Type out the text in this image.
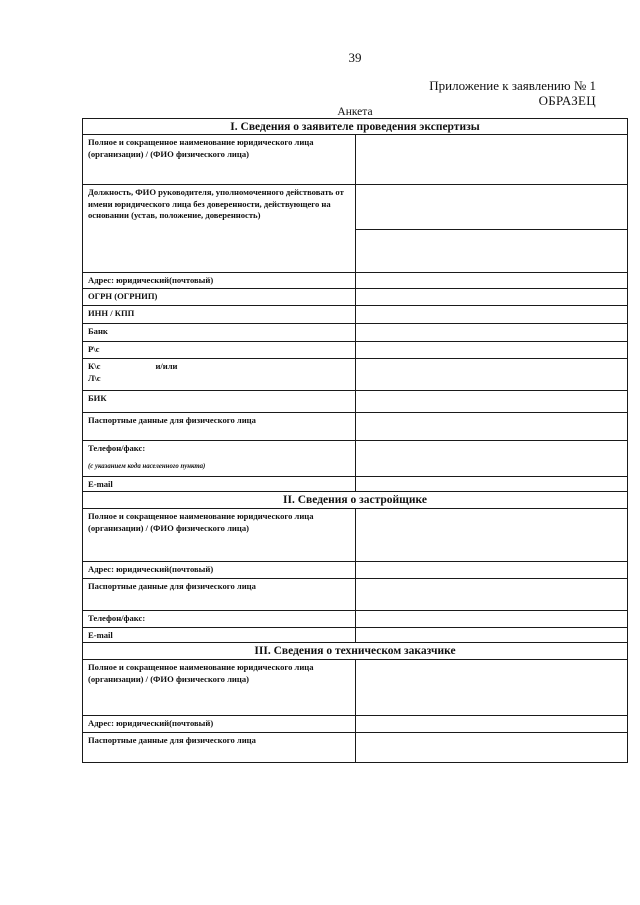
39
Приложение к заявлению № 1
ОБРАЗЕЦ
Анкета
I. Сведения о заявителе проведения экспертизы	
Полное и сокращенное наименование юридического лица (организации) / (ФИО физического лица)	
Должность, ФИО руководителя, уполномоченного действовать от имени юридического лица без доверенности, действующего на основании (устав, положение, доверенность)	

Адрес: юридический(почтовый)	
ОГРН (ОГРНИП)	
ИНН / КПП	
Банк	
Р\с	
К\с и/или
Л\с	
БИК	
Паспортные данные для физического лица	
Телефон/факс:
(с указанием кода населенного пункта)	

E-mail	
II. Сведения о застройщике	
Полное и сокращенное наименование юридического лица (организации) / (ФИО физического лица)	
Адрес: юридический(почтовый)	
Паспортные данные для физического лица	
Телефон/факс:	
E-mail	
III. Сведения о техническом заказчике	
Полное и сокращенное наименование юридического лица (организации) / (ФИО физического лица)	
Адрес: юридический(почтовый)	
Паспортные данные для физического лица	
